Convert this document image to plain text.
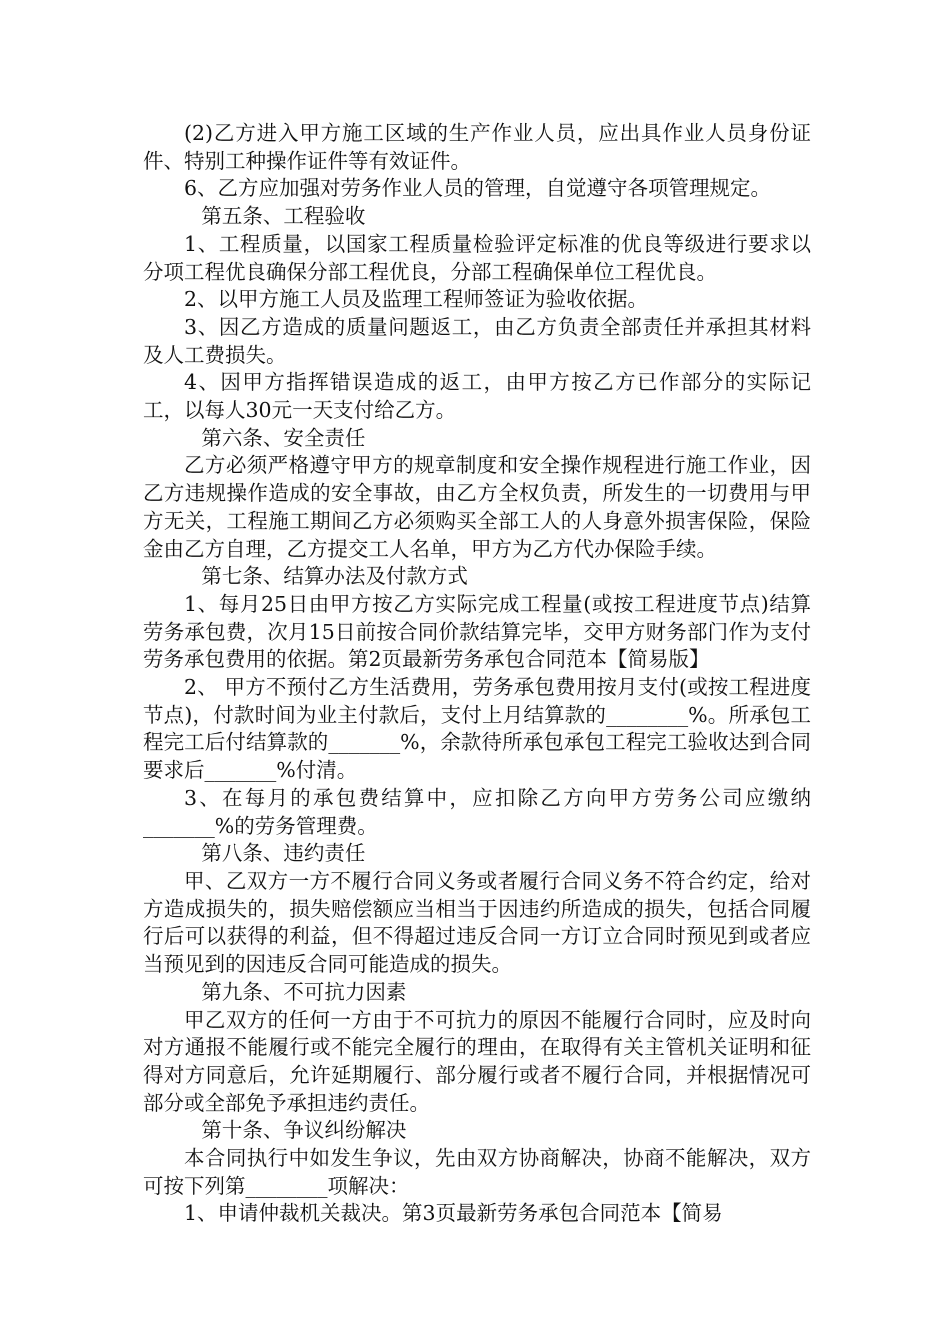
(2)乙方进入甲方施工区域的生产作业人员，应出具作业人员身份证件、特别工种操作证件等有效证件。

6、乙方应加强对劳务作业人员的管理，自觉遵守各项管理规定。

第五条、工程验收

1、工程质量，以国家工程质量检验评定标准的优良等级进行要求以分项工程优良确保分部工程优良，分部工程确保单位工程优良。

2、以甲方施工人员及监理工程师签证为验收依据。

3、因乙方造成的质量问题返工，由乙方负责全部责任并承担其材料及人工费损失。

4、因甲方指挥错误造成的返工，由甲方按乙方已作部分的实际记工，以每人30元一天支付给乙方。

第六条、安全责任

乙方必须严格遵守甲方的规章制度和安全操作规程进行施工作业，因乙方违规操作造成的安全事故，由乙方全权负责，所发生的一切费用与甲方无关，工程施工期间乙方必须购买全部工人的人身意外损害保险，保险金由乙方自理，乙方提交工人名单，甲方为乙方代办保险手续。

第七条、结算办法及付款方式

1、每月25日由甲方按乙方实际完成工程量(或按工程进度节点)结算劳务承包费，次月15日前按合同价款结算完毕，交甲方财务部门作为支付劳务承包费用的依据。第2页最新劳务承包合同范本【简易版】

2、 甲方不预付乙方生活费用，劳务承包费用按月支付(或按工程进度节点)，付款时间为业主付款后，支付上月结算款的________%。所承包工程完工后付结算款的_______%，余款待所承包承包工程完工验收达到合同要求后_______%付清。

3、在每月的承包费结算中，应扣除乙方向甲方劳务公司应缴纳 _______%的劳务管理费。

第八条、违约责任

甲、乙双方一方不履行合同义务或者履行合同义务不符合约定，给对方造成损失的，损失赔偿额应当相当于因违约所造成的损失，包括合同履行后可以获得的利益，但不得超过违反合同一方订立合同时预见到或者应当预见到的因违反合同可能造成的损失。

第九条、不可抗力因素

甲乙双方的任何一方由于不可抗力的原因不能履行合同时，应及时向对方通报不能履行或不能完全履行的理由，在取得有关主管机关证明和征得对方同意后，允许延期履行、部分履行或者不履行合同，并根据情况可部分或全部免予承担违约责任。

第十条、争议纠纷解决

本合同执行中如发生争议，先由双方协商解决，协商不能解决，双方可按下列第________项解决：

1、申请仲裁机关裁决。第3页最新劳务承包合同范本【简易
